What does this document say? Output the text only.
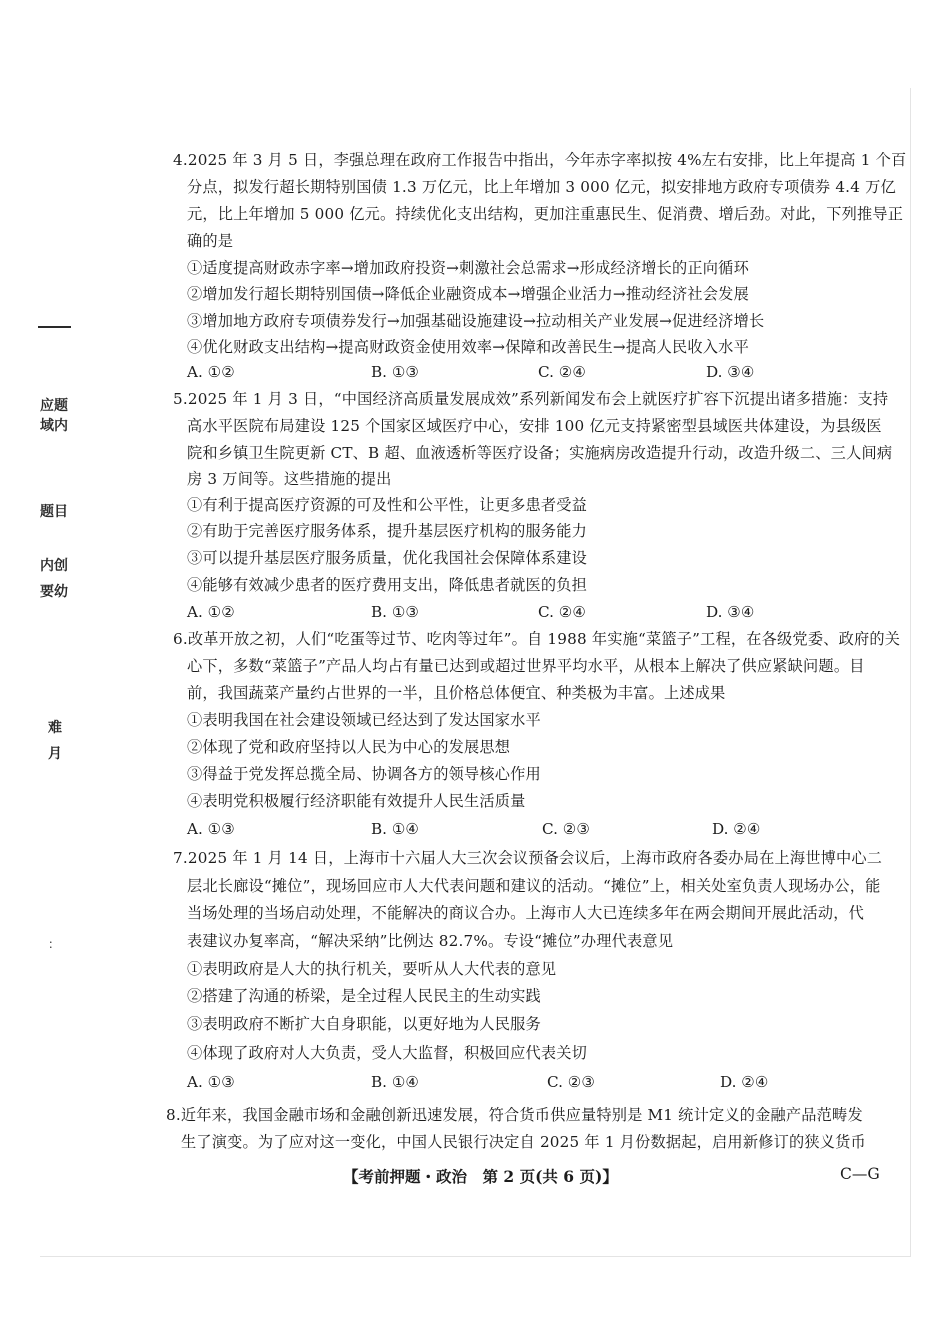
应题
域内
题目
内创
要幼
难
月
：
4.2025 年 3 月 5 日，李强总理在政府工作报告中指出，今年赤字率拟按 4%左右安排，比上年提高 1 个百
分点，拟发行超长期特别国债 1.3 万亿元，比上年增加 3 000 亿元，拟安排地方政府专项债券 4.4 万亿
元，比上年增加 5 000 亿元。持续优化支出结构，更加注重惠民生、促消费、增后劲。对此，下列推导正
确的是
①适度提高财政赤字率→增加政府投资→刺激社会总需求→形成经济增长的正向循环
②增加发行超长期特别国债→降低企业融资成本→增强企业活力→推动经济社会发展
③增加地方政府专项债券发行→加强基础设施建设→拉动相关产业发展→促进经济增长
④优化财政支出结构→提高财政资金使用效率→保障和改善民生→提高人民收入水平
A. ①②	B. ①③	C. ②④	D. ③④
5.2025 年 1 月 3 日，“中国经济高质量发展成效”系列新闻发布会上就医疗扩容下沉提出诸多措施：支持
高水平医院布局建设 125 个国家区域医疗中心，安排 100 亿元支持紧密型县域医共体建设，为县级医
院和乡镇卫生院更新 CT、B 超、血液透析等医疗设备；实施病房改造提升行动，改造升级二、三人间病
房 3 万间等。这些措施的提出
①有利于提高医疗资源的可及性和公平性，让更多患者受益
②有助于完善医疗服务体系，提升基层医疗机构的服务能力
③可以提升基层医疗服务质量，优化我国社会保障体系建设
④能够有效减少患者的医疗费用支出，降低患者就医的负担
A. ①②	B. ①③	C. ②④	D. ③④
6.改革开放之初，人们“吃蛋等过节、吃肉等过年”。自 1988 年实施“菜篮子”工程，在各级党委、政府的关
心下，多数“菜篮子”产品人均占有量已达到或超过世界平均水平，从根本上解决了供应紧缺问题。目
前，我国蔬菜产量约占世界的一半，且价格总体便宜、种类极为丰富。上述成果
①表明我国在社会建设领域已经达到了发达国家水平
②体现了党和政府坚持以人民为中心的发展思想
③得益于党发挥总揽全局、协调各方的领导核心作用
④表明党积极履行经济职能有效提升人民生活质量
A. ①③	B. ①④	C. ②③	D. ②④
7.2025 年 1 月 14 日，上海市十六届人大三次会议预备会议后，上海市政府各委办局在上海世博中心二
层北长廊设“摊位”，现场回应市人大代表问题和建议的活动。“摊位”上，相关处室负责人现场办公，能
当场处理的当场启动处理，不能解决的商议合办。上海市人大已连续多年在两会期间开展此活动，代
表建议办复率高，“解决采纳”比例达 82.7%。专设“摊位”办理代表意见
①表明政府是人大的执行机关，要听从人大代表的意见
②搭建了沟通的桥梁，是全过程人民民主的生动实践
③表明政府不断扩大自身职能，以更好地为人民服务
④体现了政府对人大负责，受人大监督，积极回应代表关切
A. ①③	B. ①④	C. ②③	D. ②④
8.近年来，我国金融市场和金融创新迅速发展，符合货币供应量特别是 M1 统计定义的金融产品范畴发
生了演变。为了应对这一变化，中国人民银行决定自 2025 年 1 月份数据起，启用新修订的狭义货币
【考前押题・政治　第 2 页(共 6 页)】	C—G
